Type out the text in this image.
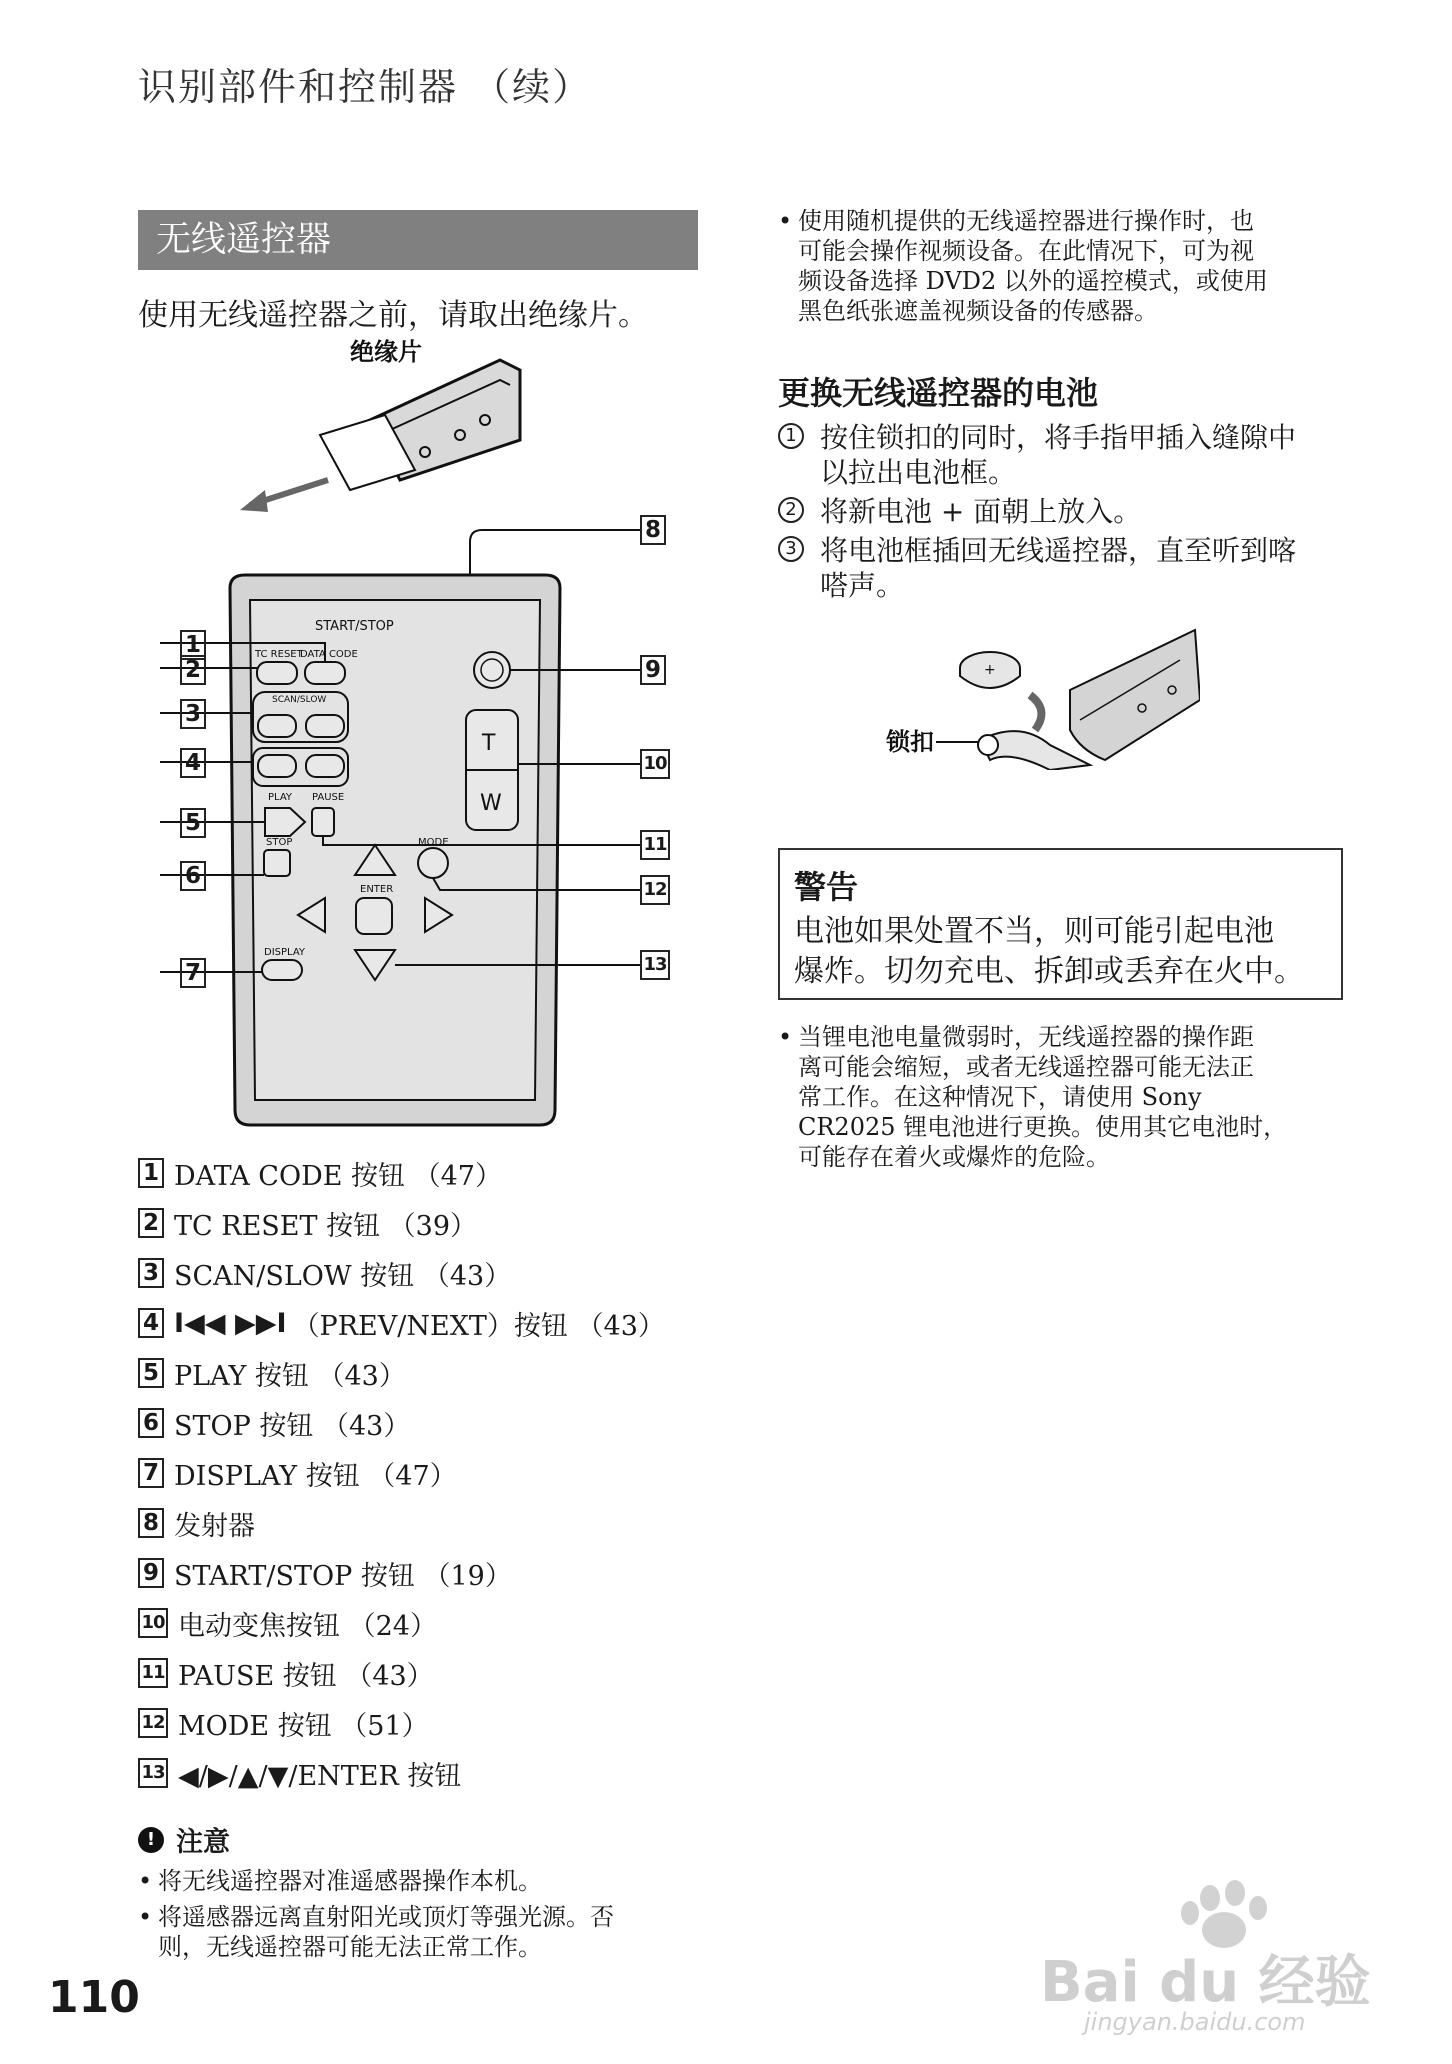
识别部件和控制器 （续）
无线遥控器
使用无线遥控器之前，请取出绝缘片。
绝缘片
START/STOP
TC RESET
DATA CODE
SCAN/SLOW
T
W
PLAY PAUSE
STOP	MODE
ENTER
DISPLAY
1
2
3
4
5
6
7
8
9
10
11
12
13
1 DATA CODE 按钮 （47）
2 TC RESET 按钮 （39）
3 SCAN/SLOW 按钮 （43）
4 I◀◀ ▶▶I （PREV/NEXT）按钮 （43）
5 PLAY 按钮 （43）
6 STOP 按钮 （43）
7 DISPLAY 按钮 （47）
8 发射器
9 START/STOP 按钮 （19）
10 电动变焦按钮 （24）
11 PAUSE 按钮 （43）
12 MODE 按钮 （51）
13 ◀/▶/▲/▼/ENTER 按钮
! 注意
• 将无线遥控器对准遥感器操作本机。
• 将遥感器远离直射阳光或顶灯等强光源。否
则，无线遥控器可能无法正常工作。
110
• 使用随机提供的无线遥控器进行操作时，也
可能会操作视频设备。在此情况下，可为视
频设备选择 DVD2 以外的遥控模式，或使用
黑色纸张遮盖视频设备的传感器。
更换无线遥控器的电池
1 按住锁扣的同时，将手指甲插入缝隙中
以拉出电池框。
2 将新电池 + 面朝上放入。
3 将电池框插回无线遥控器，直至听到喀
嗒声。
锁扣
+
警告
电池如果处置不当，则可能引起电池
爆炸。切勿充电、拆卸或丢弃在火中。
• 当锂电池电量微弱时，无线遥控器的操作距
离可能会缩短，或者无线遥控器可能无法正
常工作。在这种情况下，请使用 Sony
CR2025 锂电池进行更换。使用其它电池时，
可能存在着火或爆炸的危险。
Bai du 经验
jingyan.baidu.com
